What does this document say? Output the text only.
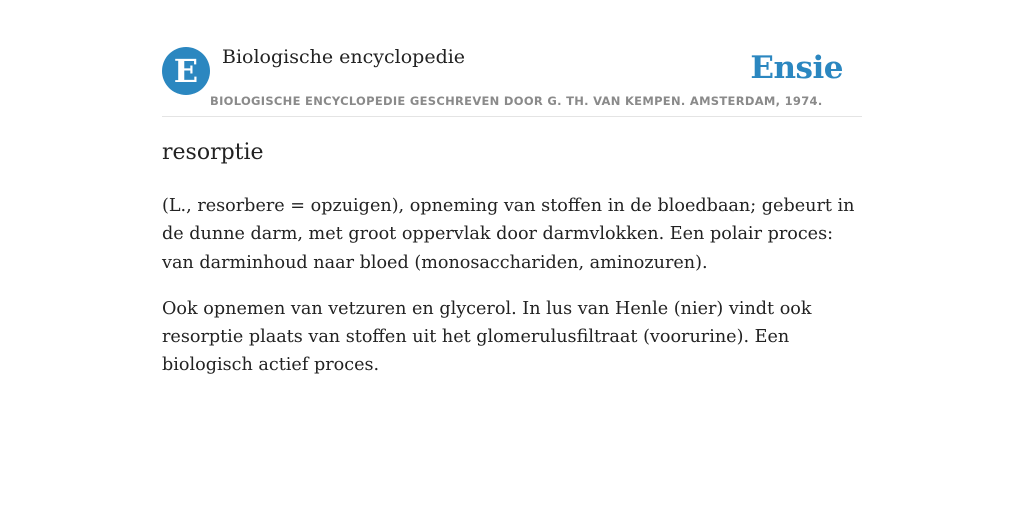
E Biologische encyclopedie	Ensie
BIOLOGISCHE ENCYCLOPEDIE GESCHREVEN DOOR G. TH. VAN KEMPEN. AMSTERDAM, 1974.
resorptie

(L., resorbere = opzuigen), opneming van stoffen in de bloedbaan; gebeurt in de dunne darm, met groot oppervlak door darmvlokken. Een polair proces: van darminhoud naar bloed (monosacchariden, aminozuren).

Ook opnemen van vetzuren en glycerol. In lus van Henle (nier) vindt ook resorptie plaats van stoffen uit het glomerulusfiltraat (voorurine). Een biologisch actief proces.
